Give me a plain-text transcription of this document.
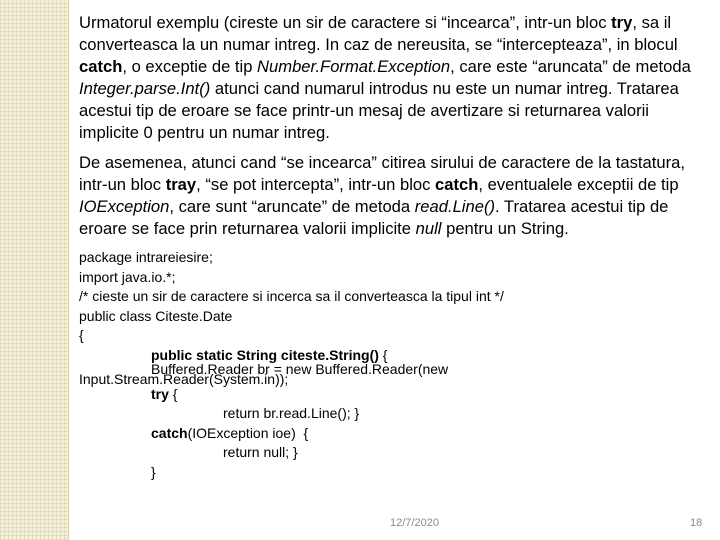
Urmatorul exemplu (cireste un sir de caractere si “incearca”, intr-un bloc try, sa il converteasca la un numar intreg. In caz de nereusita, se “intercepteaza”, in blocul catch, o exceptie de tip Number.Format.Exception, care este “aruncata” de metoda Integer.parse.Int() atunci cand numarul introdus nu este un numar intreg. Tratarea acestui tip de eroare se face printr-un mesaj de avertizare si returnarea valorii implicite 0 pentru un numar intreg.

De asemenea, atunci cand “se incearca” citirea sirului de caractere de la tastatura, intr-un bloc tray, “se pot intercepta”, intr-un bloc catch, eventualele exceptii de tip IOException, care sunt “aruncate” de metoda read.Line(). Tratarea acestui tip de eroare se face prin returnarea valorii implicite null pentru un String.

package intrareiesire;
import java.io.*;
/* cieste un sir de caractere si incerca sa il converteasca la tipul int */
public class Citeste.Date
{
public static String citeste.String() {
Buffered.Reader br = new Buffered.Reader(new
Input.Stream.Reader(System.in));
try {
return br.read.Line(); }
catch(IOException ioe)  {
return null; }
}
12/7/2020	18
